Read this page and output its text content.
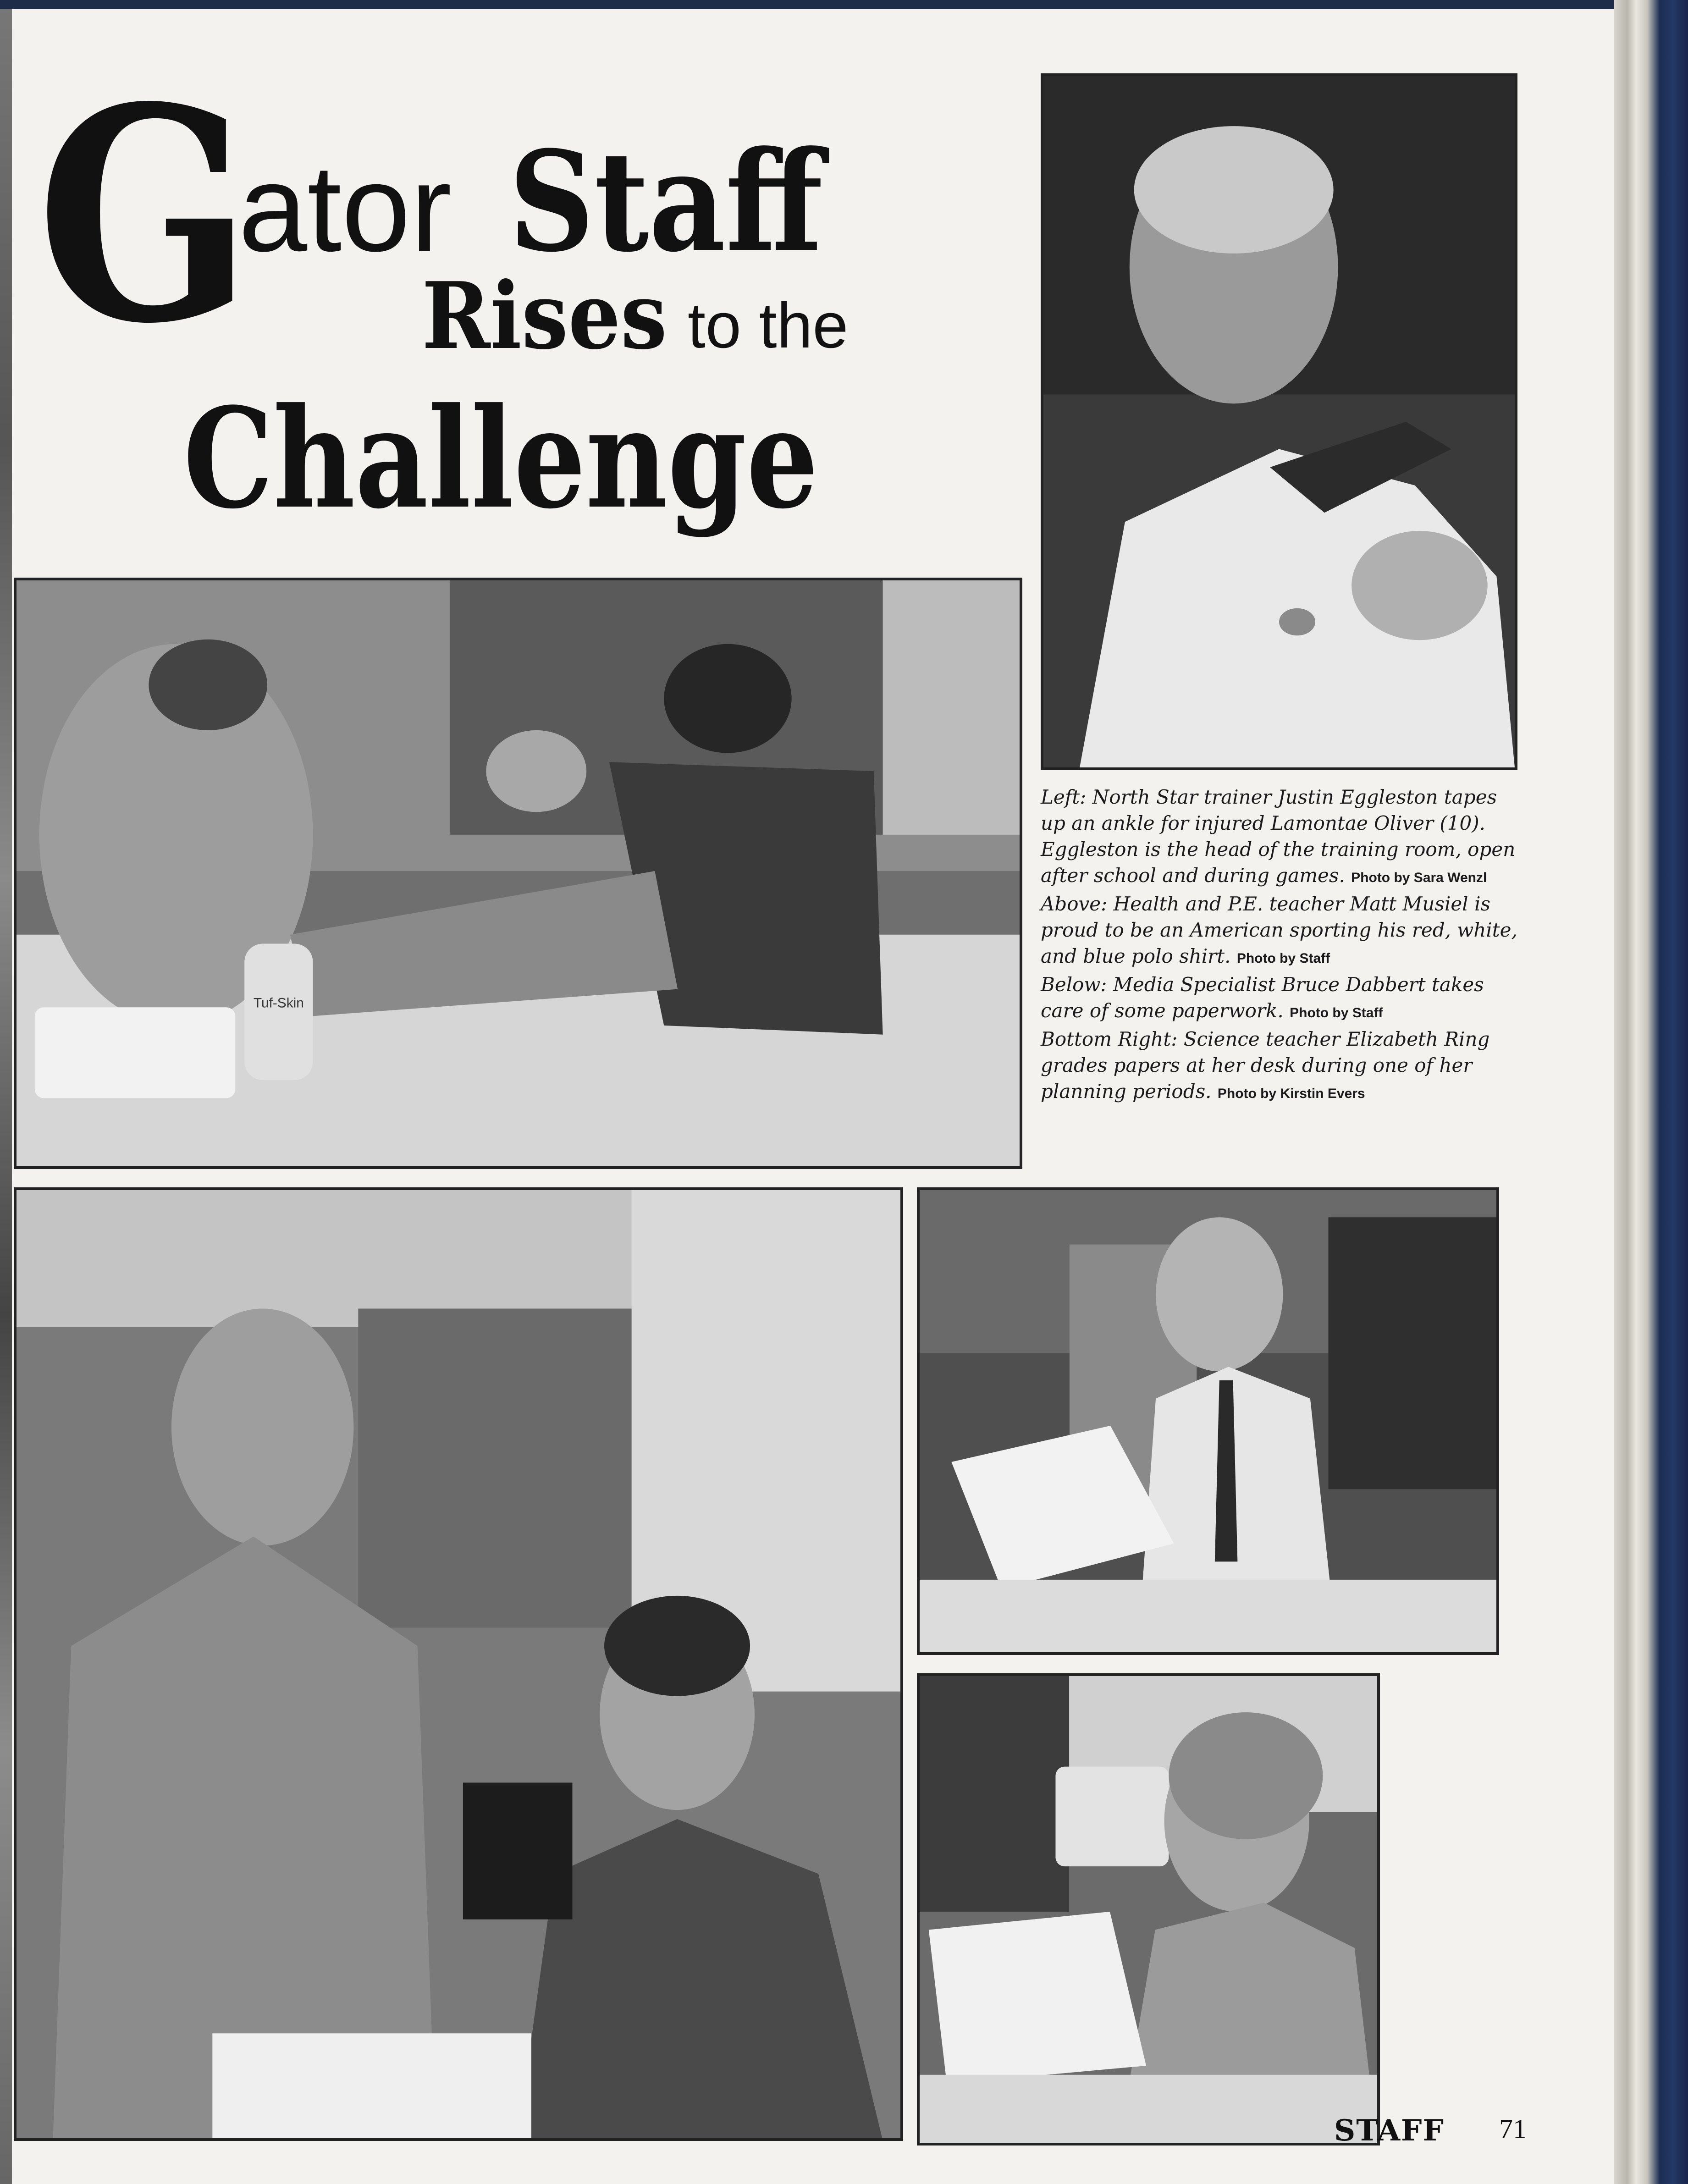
G
ator Staff
Rises to the
Challenge
Tuf-Skin
Left: North Star trainer Justin Eggleston tapes up an ankle for injured Lamontae Oliver (10). Eggleston is the head of the training room, open after school and during games. Photo by Sara Wenzl
Above: Health and P.E. teacher Matt Musiel is proud to be an American sporting his red, white, and blue polo shirt. Photo by Staff
Below: Media Specialist Bruce Dabbert takes care of some paperwork. Photo by Staff
Bottom Right: Science teacher Elizabeth Ring grades papers at her desk during one of her planning periods. Photo by Kirstin Evers
STAFF 71
